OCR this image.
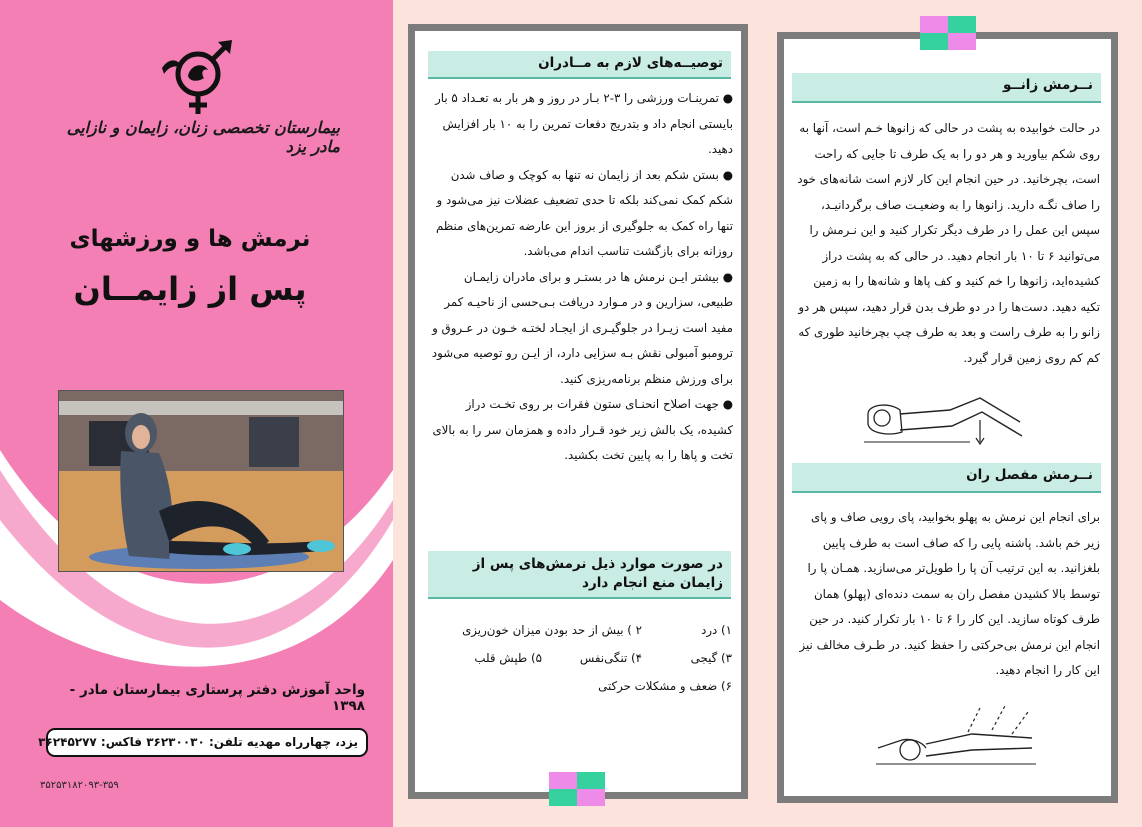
بیمارستان تخصصی زنان، زایمان و نازایی مادر یزد
نرمش ها و ورزشهای
پس از زایمــان
واحد آموزش دفتر پرستاری بیمارستان مادر - ۱۳۹۸
یزد، چهارراه مهدیه تلفن: ۳۶۲۳۰۰۳۰ فاکس: ۳۶۲۴۵۲۷۷
۳۵۲۵۳۱۸۲۰۹۳-۳۵۹
توصیــه‌های لازم به مــادران

● تمرینـات ورزشی را ۳-۲ بـار در روز و هر بار به تعـداد ۵ بار بایستی انجام داد و بتدریج دفعات تمرین را به ۱۰ بار افزایش دهید.

● بستن شکم بعد از زایمان نه تنها به کوچک و صاف شدن شکم کمک نمی‌کند بلکه تا حدی تضعیف عضلات نیز می‌شود و تنها راه کمک به جلوگیری از بروز این عارضه تمرین‌های منظم روزانه برای بازگشت تناسب اندام می‌باشد.

● بیشتر ایـن نرمش ها در بستـر و برای مادران زایمـان طبیعی، سزارین و در مـوارد دریافت بـی‌حسی از ناحیـه کمر مفید است زیـرا در جلوگیـری از ایجـاد لختـه خـون در عـروق و ترومبو آمبولی نقش بـه سزایی دارد، از ایـن رو توصیه می‌شود برای ورزش منظم برنامه‌ریزی کنید.

● جهت اصلاح انحنـای ستون فقرات بر روی تخـت دراز کشیده، یک بالش زیر خود قـرار داده و همزمان سر را به بالای تخت و پاها را به پایین تخت بکشید.

در صورت موارد ذیل نرمش‌های پس از زایمان منع انجام دارد
۱) درد
۲ ) بیش از حد بودن میزان خون‌ریزی
۳) گیجی
۴) تنگی‌نفس
۵) طپش قلب
۶) ضعف و مشکلات حرکتی
نــرمش زانــو
در حالت خوابیده به پشت در حالی که زانوها خـم است، آنها به روی شکم بیاورید و هر دو را به یک طرف تا جایی که راحت است، بچرخانید. در حین انجام این کار لازم است شانه‌های خود را صاف نگـه دارید. زانوها را به وضعیـت صاف برگردانیـد، سپس این عمل را در طرف دیگر تکرار کنید و این نـرمش را می‌توانید ۶ تا ۱۰ بار انجام دهید. در حالی که به پشت دراز کشیده‌اید، زانوها را خم کنید و کف پاها و شانه‌ها را به زمین تکیه دهید. دست‌ها را در دو طرف بدن قرار دهید، سپس هر دو زانو را به طرف راست و بعد به طرف چپ بچرخانید طوری که کم کم روی زمین قرار گیرد.
نــرمش مفصل ران
برای انجام این نرمش به پهلو بخوابید، پای رویی صاف و پای زیر خم باشد. پاشنه پایی را که صاف است به طرف پایین بلغزانید. به این ترتیب آن پا را طویل‌تر می‌سازید. همـان پا را توسط بالا کشیدن مفصل ران به سمت دنده‌ای (پهلو) همان طرف کوتاه سازید. این کار را ۶ تا ۱۰ بار تکرار کنید. در حین انجام این نرمش بی‌حرکتی را حفظ کنید. در طـرف مخالف نیز این کار را انجام دهید.
